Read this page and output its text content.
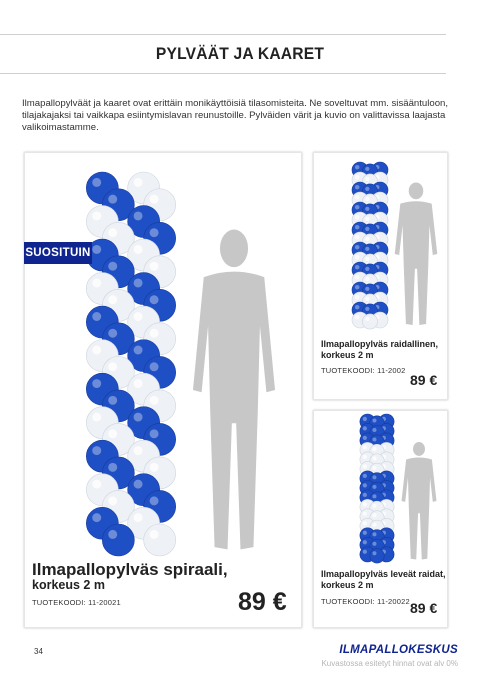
PYLVÄÄT JA KAARET
Ilmapallopylväät ja kaaret ovat erittäin monikäyttöisiä tilasomisteita. Ne soveltuvat mm. sisääntuloon, tilajakajaksi tai vaikkapa esiintymislavan reunustoille. Pylväiden värit ja kuvio on valittavissa laajasta valikoimastamme.
SUOSITUIN
Ilmapallopylväs spiraali,
korkeus 2 m
TUOTEKOODI: 11-20021	89 €
Ilmapallopylväs raidallinen,
korkeus 2 m
TUOTEKOODI: 11-2002
89 €
Ilmapallopylväs leveät raidat,
korkeus 2 m
TUOTEKOODI: 11-20022 89 €
34	ILMAPALLOKESKUS
Kuvastossa esitetyt hinnat ovat alv 0%
